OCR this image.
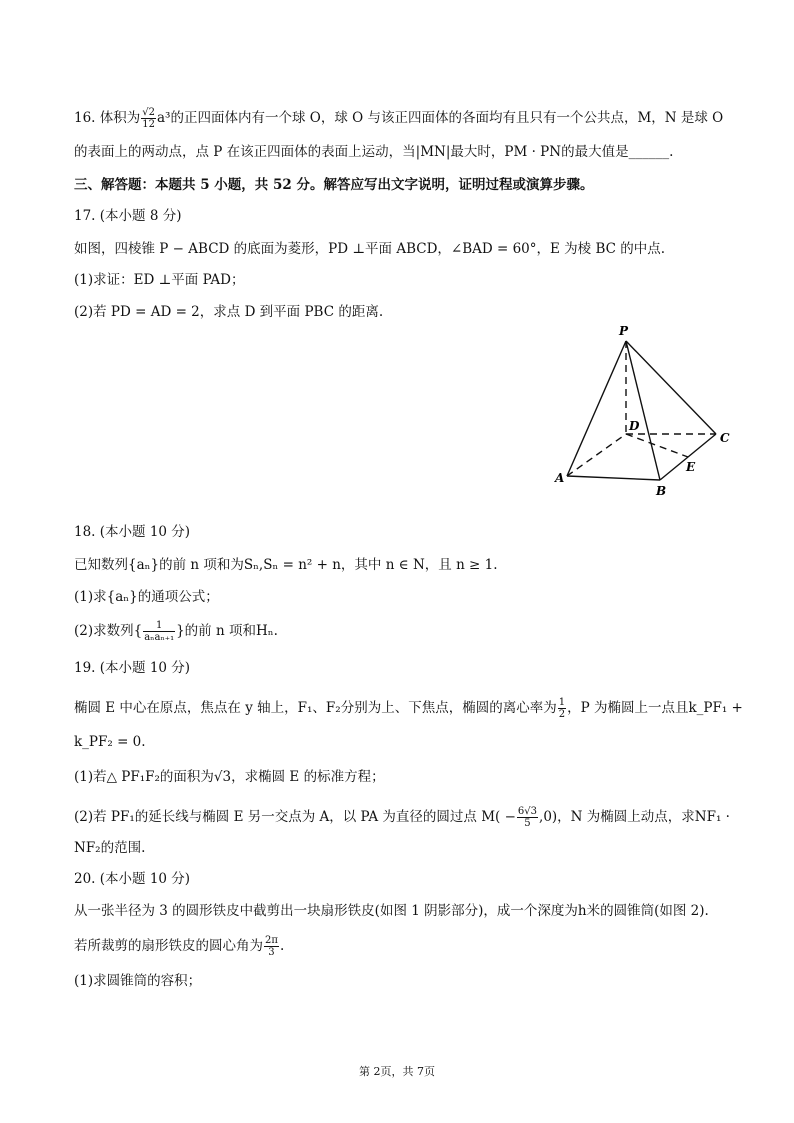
16. 体积为 $\frac{√2}{12} a^3$的正四面体内有一个球 O，球 O 与该正四面体的各面均有且只有一个公共点，M，N 是球 O
的表面上的两动点，点 P 在该正四面体的表面上运动，当|MN|最大时，PM · PN的最大值是______.
三、解答题：本题共 5 小题，共 52 分。解答应写出文字说明，证明过程或演算步骤。
17. (本小题 8 分)
如图，四棱锥 P − ABCD 的底面为菱形，PD ⊥平面 ABCD，∠BAD = 60°，E 为棱 BC 的中点.
(1)求证：ED ⊥平面 PAD；
(2)若 PD = AD = 2，求点 D 到平面 PBC 的距离.
P
D
C
A
B
E
18. (本小题 10 分)
已知数列{aₙ}的前 n 项和为Sₙ,Sₙ = n² + n，其中 n ∈ N，且 n ≥ 1.
(1)求{aₙ}的通项公式；
(2)求数列{ $\frac{1}{\text{aₙaₙ₊₁}}$ }的前 n 项和Hₙ.
19. (本小题 10 分)
椭圆 E 中心在原点，焦点在 y 轴上，F₁、F₂分别为上、下焦点，椭圆的离心率为 $\frac{1}{2}$ ，P 为椭圆上一点且k_PF₁ +
k_PF₂ = 0.
(1)若△ PF₁F₂的面积为√3，求椭圆 E 的标准方程；
(2)若 PF₁的延长线与椭圆 E 另一交点为 A，以 PA 为直径的圆过点 $M( - \frac{6√3}{5} ,0)$，N 为椭圆上动点，求NF₁ ·
NF₂的范围.
20. (本小题 10 分)
从一张半径为 3 的圆形铁皮中截剪出一块扇形铁皮(如图 1 阴影部分)，成一个深度为h米的圆锥筒(如图 2).
若所裁剪的扇形铁皮的圆心角为 $\frac{2\pi}{3}$ .
(1)求圆锥筒的容积；
第 2页，共 7页
